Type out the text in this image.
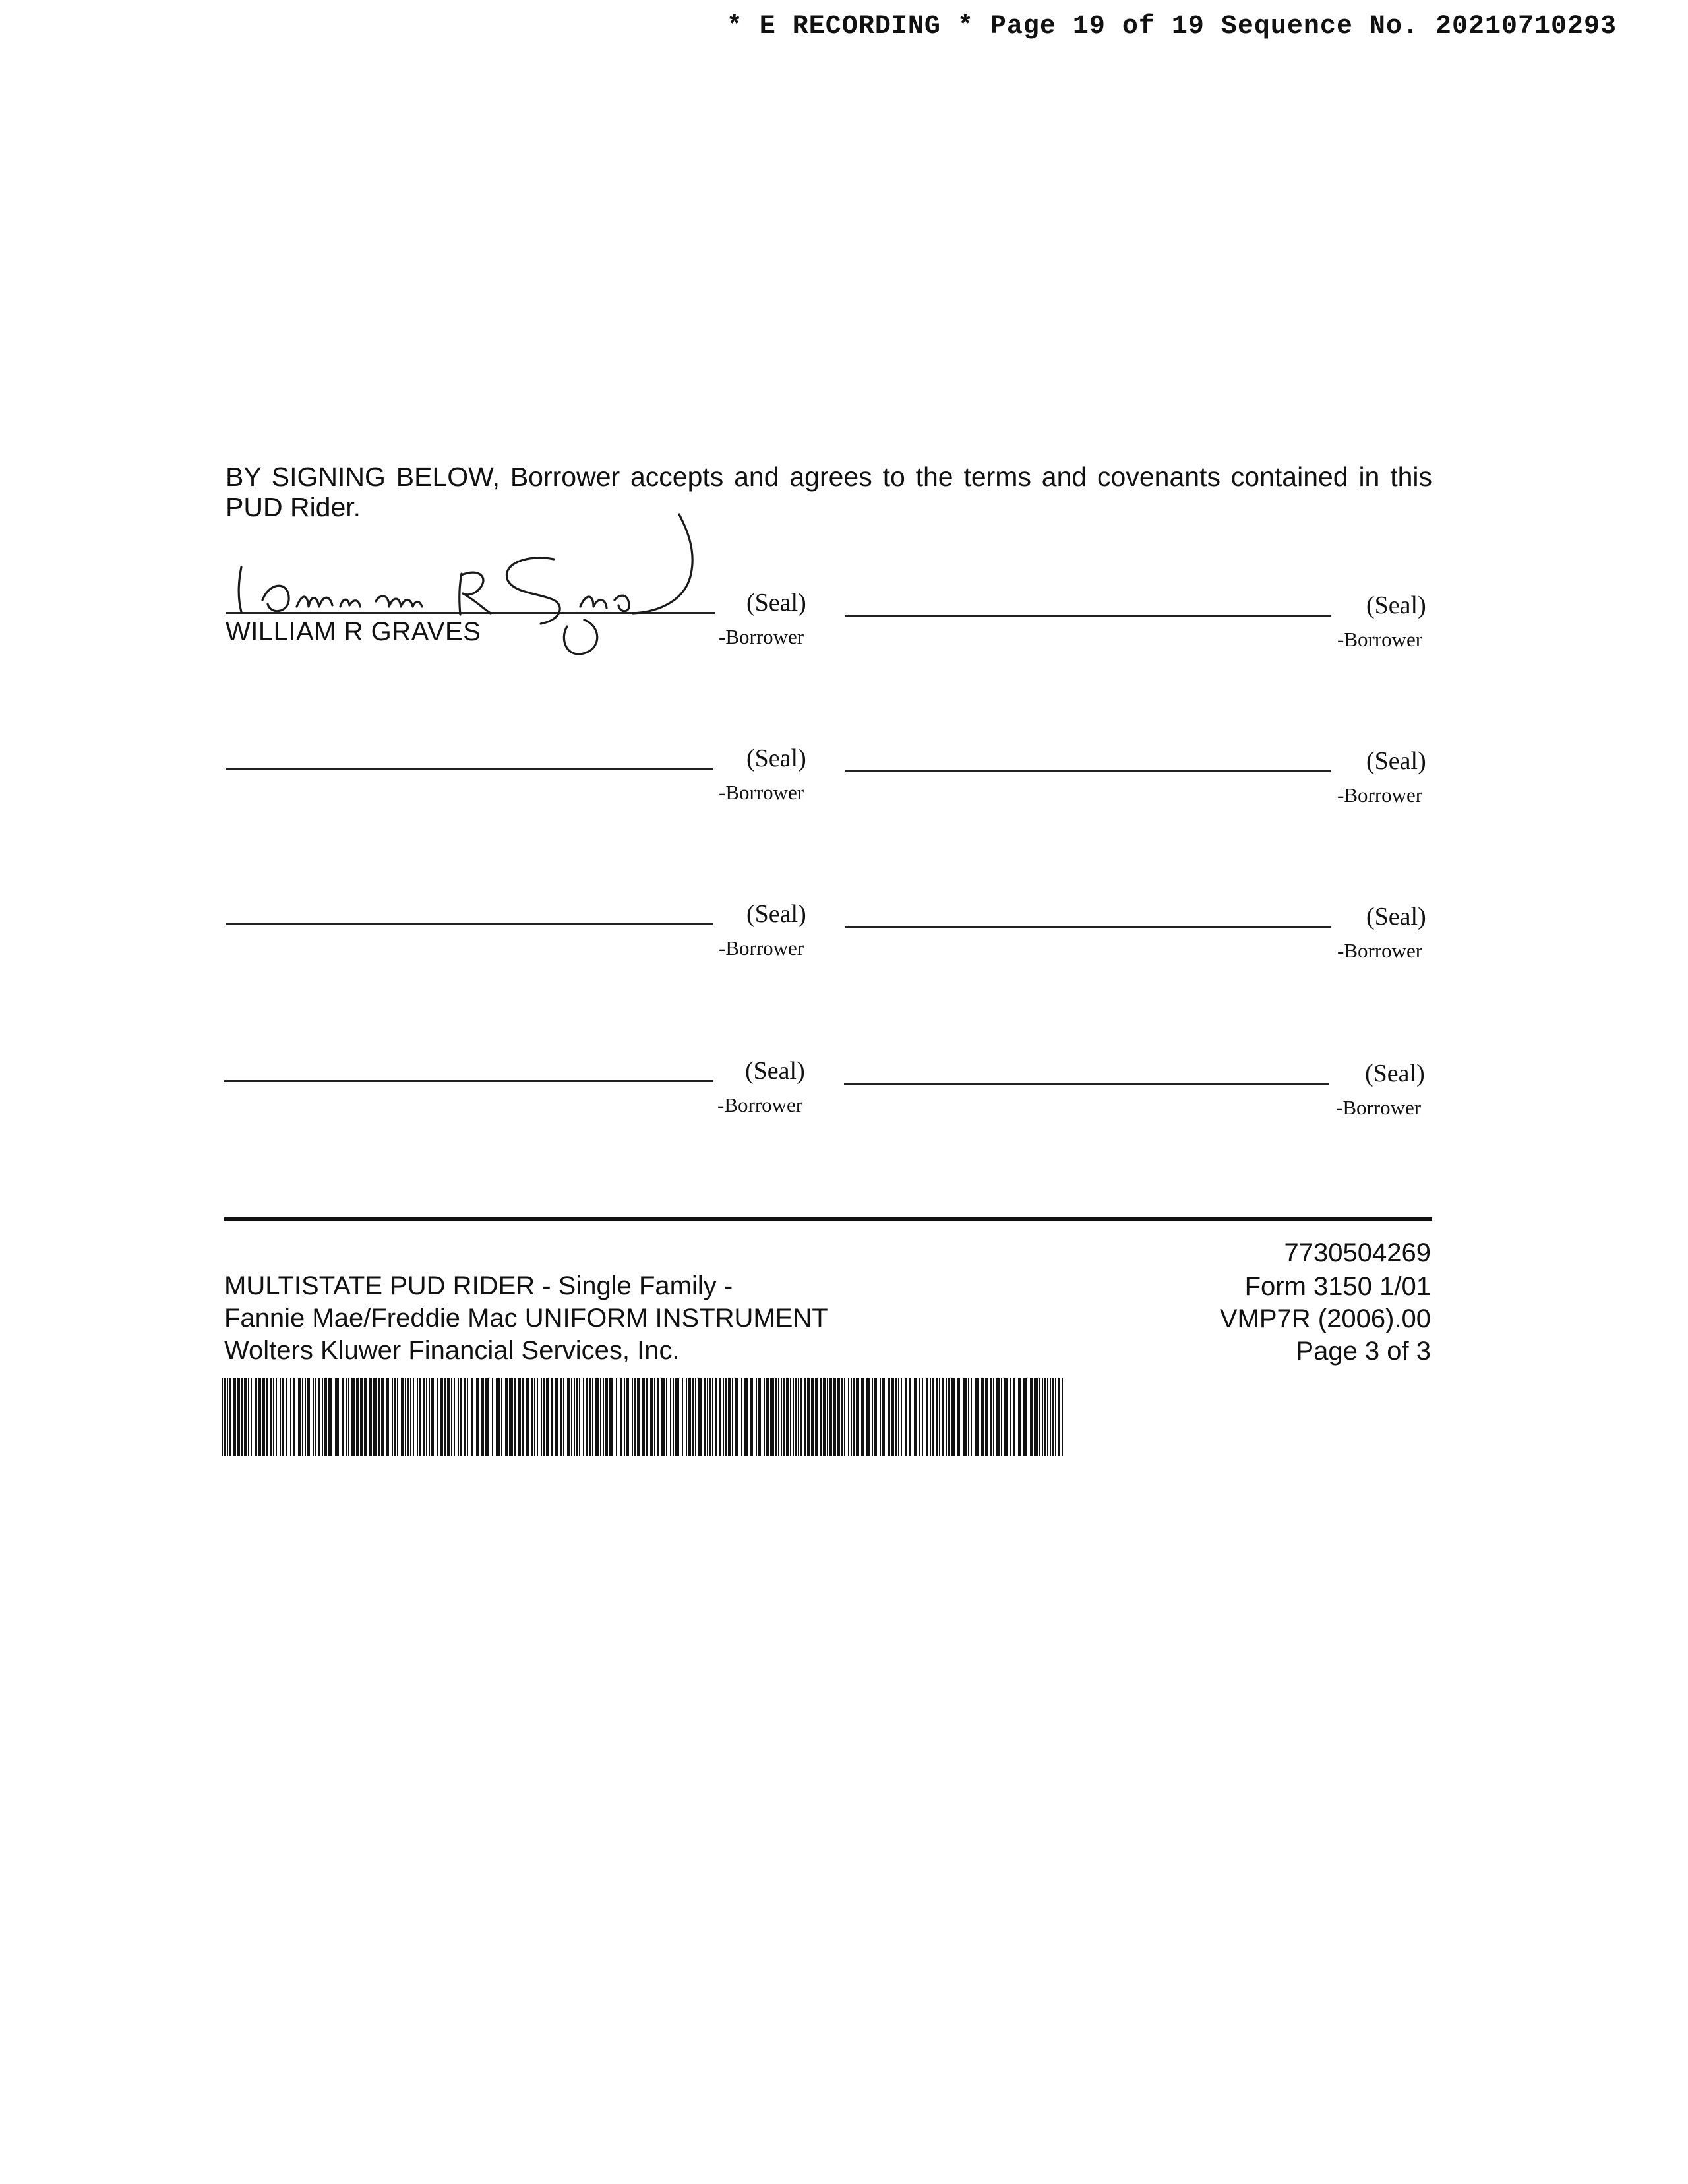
* E RECORDING * Page 19 of 19 Sequence No. 20210710293
BY SIGNING BELOW, Borrower accepts and agrees to the terms and covenants contained in this PUD Rider.
WILLIAM R GRAVES
(Seal)
-Borrower
(Seal)
-Borrower
(Seal)
-Borrower
(Seal)
-Borrower
(Seal)
-Borrower
(Seal)
-Borrower
(Seal)
-Borrower
(Seal)
-Borrower
7730504269
Form 3150 1/01
VMP7R (2006).00
Page 3 of 3
MULTISTATE PUD RIDER - Single Family -
Fannie Mae/Freddie Mac UNIFORM INSTRUMENT
Wolters Kluwer Financial Services, Inc.
